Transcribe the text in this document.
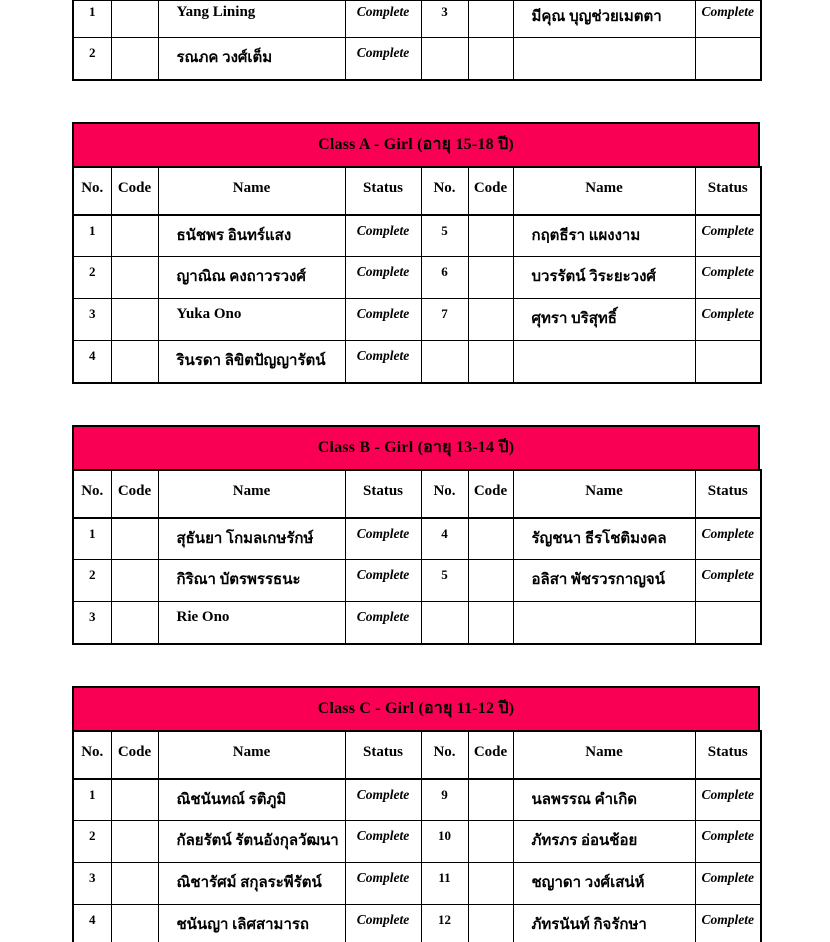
1		Yang Lining	Complete	3		มีคุณ บุญช่วยเมตตา	Complete
2		รณภค วงศ์เต็ม	Complete				
Class A - Girl (อายุ 15-18 ปี)
No.	Code	Name	Status	No.	Code	Name	Status
1		ธนัชพร อินทร์แสง	Complete	5		กฤตธีรา แผงงาม	Complete
2		ญาณิณ คงถาวรวงศ์	Complete	6		บวรรัตน์ วิระยะวงศ์	Complete
3		Yuka Ono	Complete	7		ศุทรา บริสุทธิ์	Complete
4		รินรดา ลิขิตปัญญารัตน์	Complete				
Class B - Girl (อายุ 13-14 ปี)
No.	Code	Name	Status	No.	Code	Name	Status
1		สุธันยา โกมลเกษรักษ์	Complete	4		รัญชนา ธีรโชติมงคล	Complete
2		กิริณา บัตรพรรธนะ	Complete	5		อลิสา พัชรวรกาญจน์	Complete
3		Rie Ono	Complete				
Class C - Girl (อายุ 11-12 ปี)
No.	Code	Name	Status	No.	Code	Name	Status
1		ณิชนันทณ์ รติภูมิ	Complete	9		นลพรรณ คำเกิด	Complete
2		กัลยรัตน์ รัตนอังกุลวัฒนา	Complete	10		ภัทรภร อ่อนช้อย	Complete
3		ณิชารัศม์ สกุลระพีรัตน์	Complete	11		ชญาดา วงศ์เสน่ห์	Complete
4		ชนันญา เลิศสามารถ	Complete	12		ภัทรนันท์ กิจรักษา	Complete
